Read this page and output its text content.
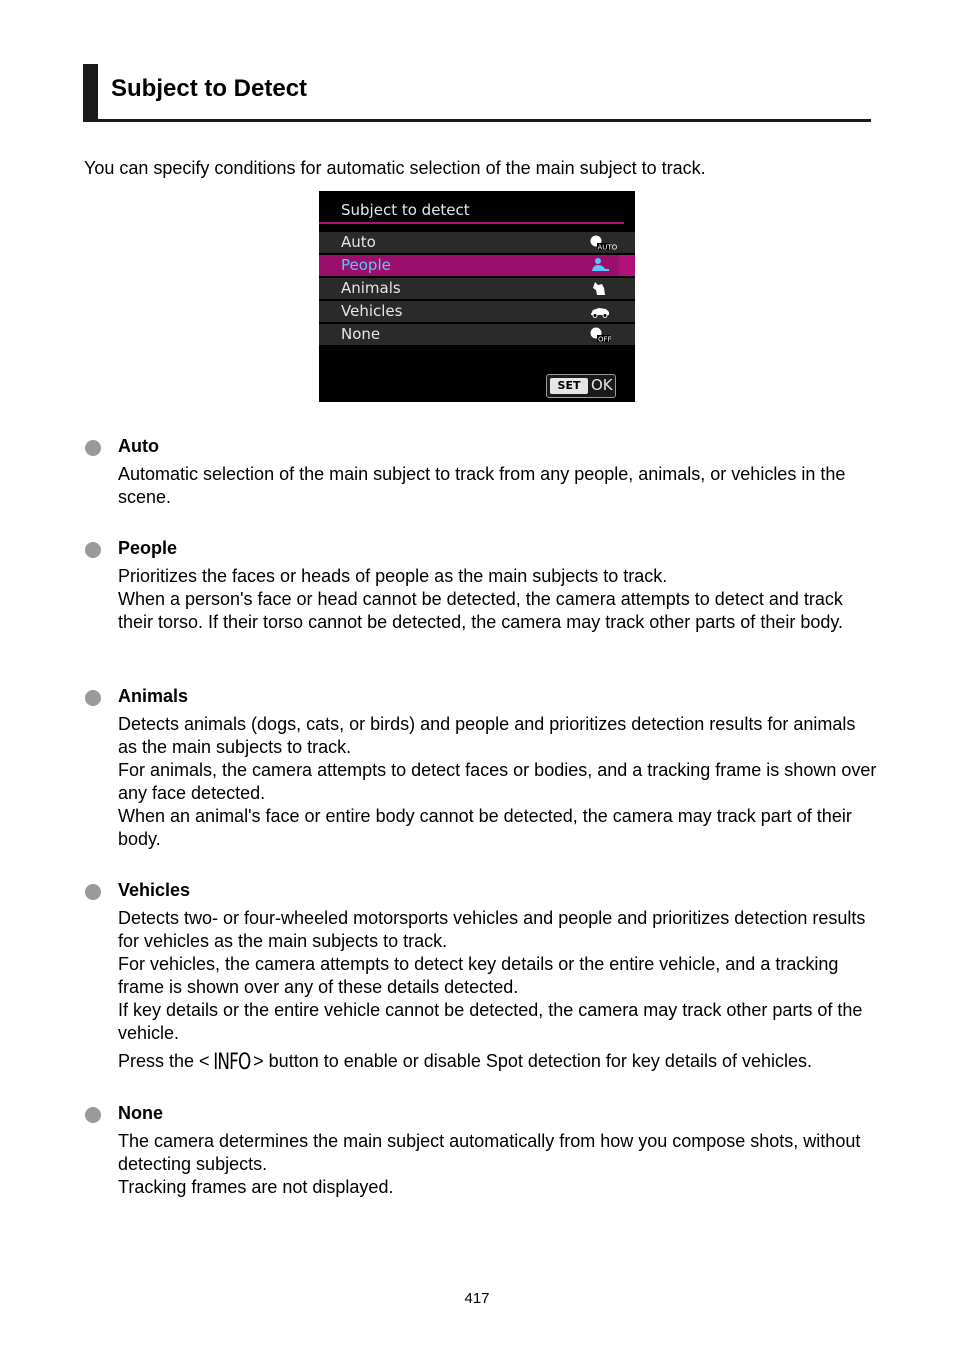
Subject to Detect
You can specify conditions for automatic selection of the main subject to track.
Subject to detect
Auto	AUTO
People
Animals
Vehicles
None	OFF
SET OK
Auto

Automatic selection of the main subject to track from any people, animals, or vehicles in the scene.

People

Prioritizes the faces or heads of people as the main subjects to track.

When a person's face or head cannot be detected, the camera attempts to detect and track their torso. If their torso cannot be detected, the camera may track other parts of their body.

Animals

Detects animals (dogs, cats, or birds) and people and prioritizes detection results for animals as the main subjects to track.

For animals, the camera attempts to detect faces or bodies, and a tracking frame is shown over any face detected.

When an animal's face or entire body cannot be detected, the camera may track part of their body.

Vehicles

Detects two- or four-wheeled motorsports vehicles and people and prioritizes detection results for vehicles as the main subjects to track.

For vehicles, the camera attempts to detect key details or the entire vehicle, and a tracking frame is shown over any of these details detected.

If key details or the entire vehicle cannot be detected, the camera may track other parts of the vehicle.

Press the < INFO > button to enable or disable Spot detection for key details of vehicles.

None

The camera determines the main subject automatically from how you compose shots, without detecting subjects.

Tracking frames are not displayed.

417
